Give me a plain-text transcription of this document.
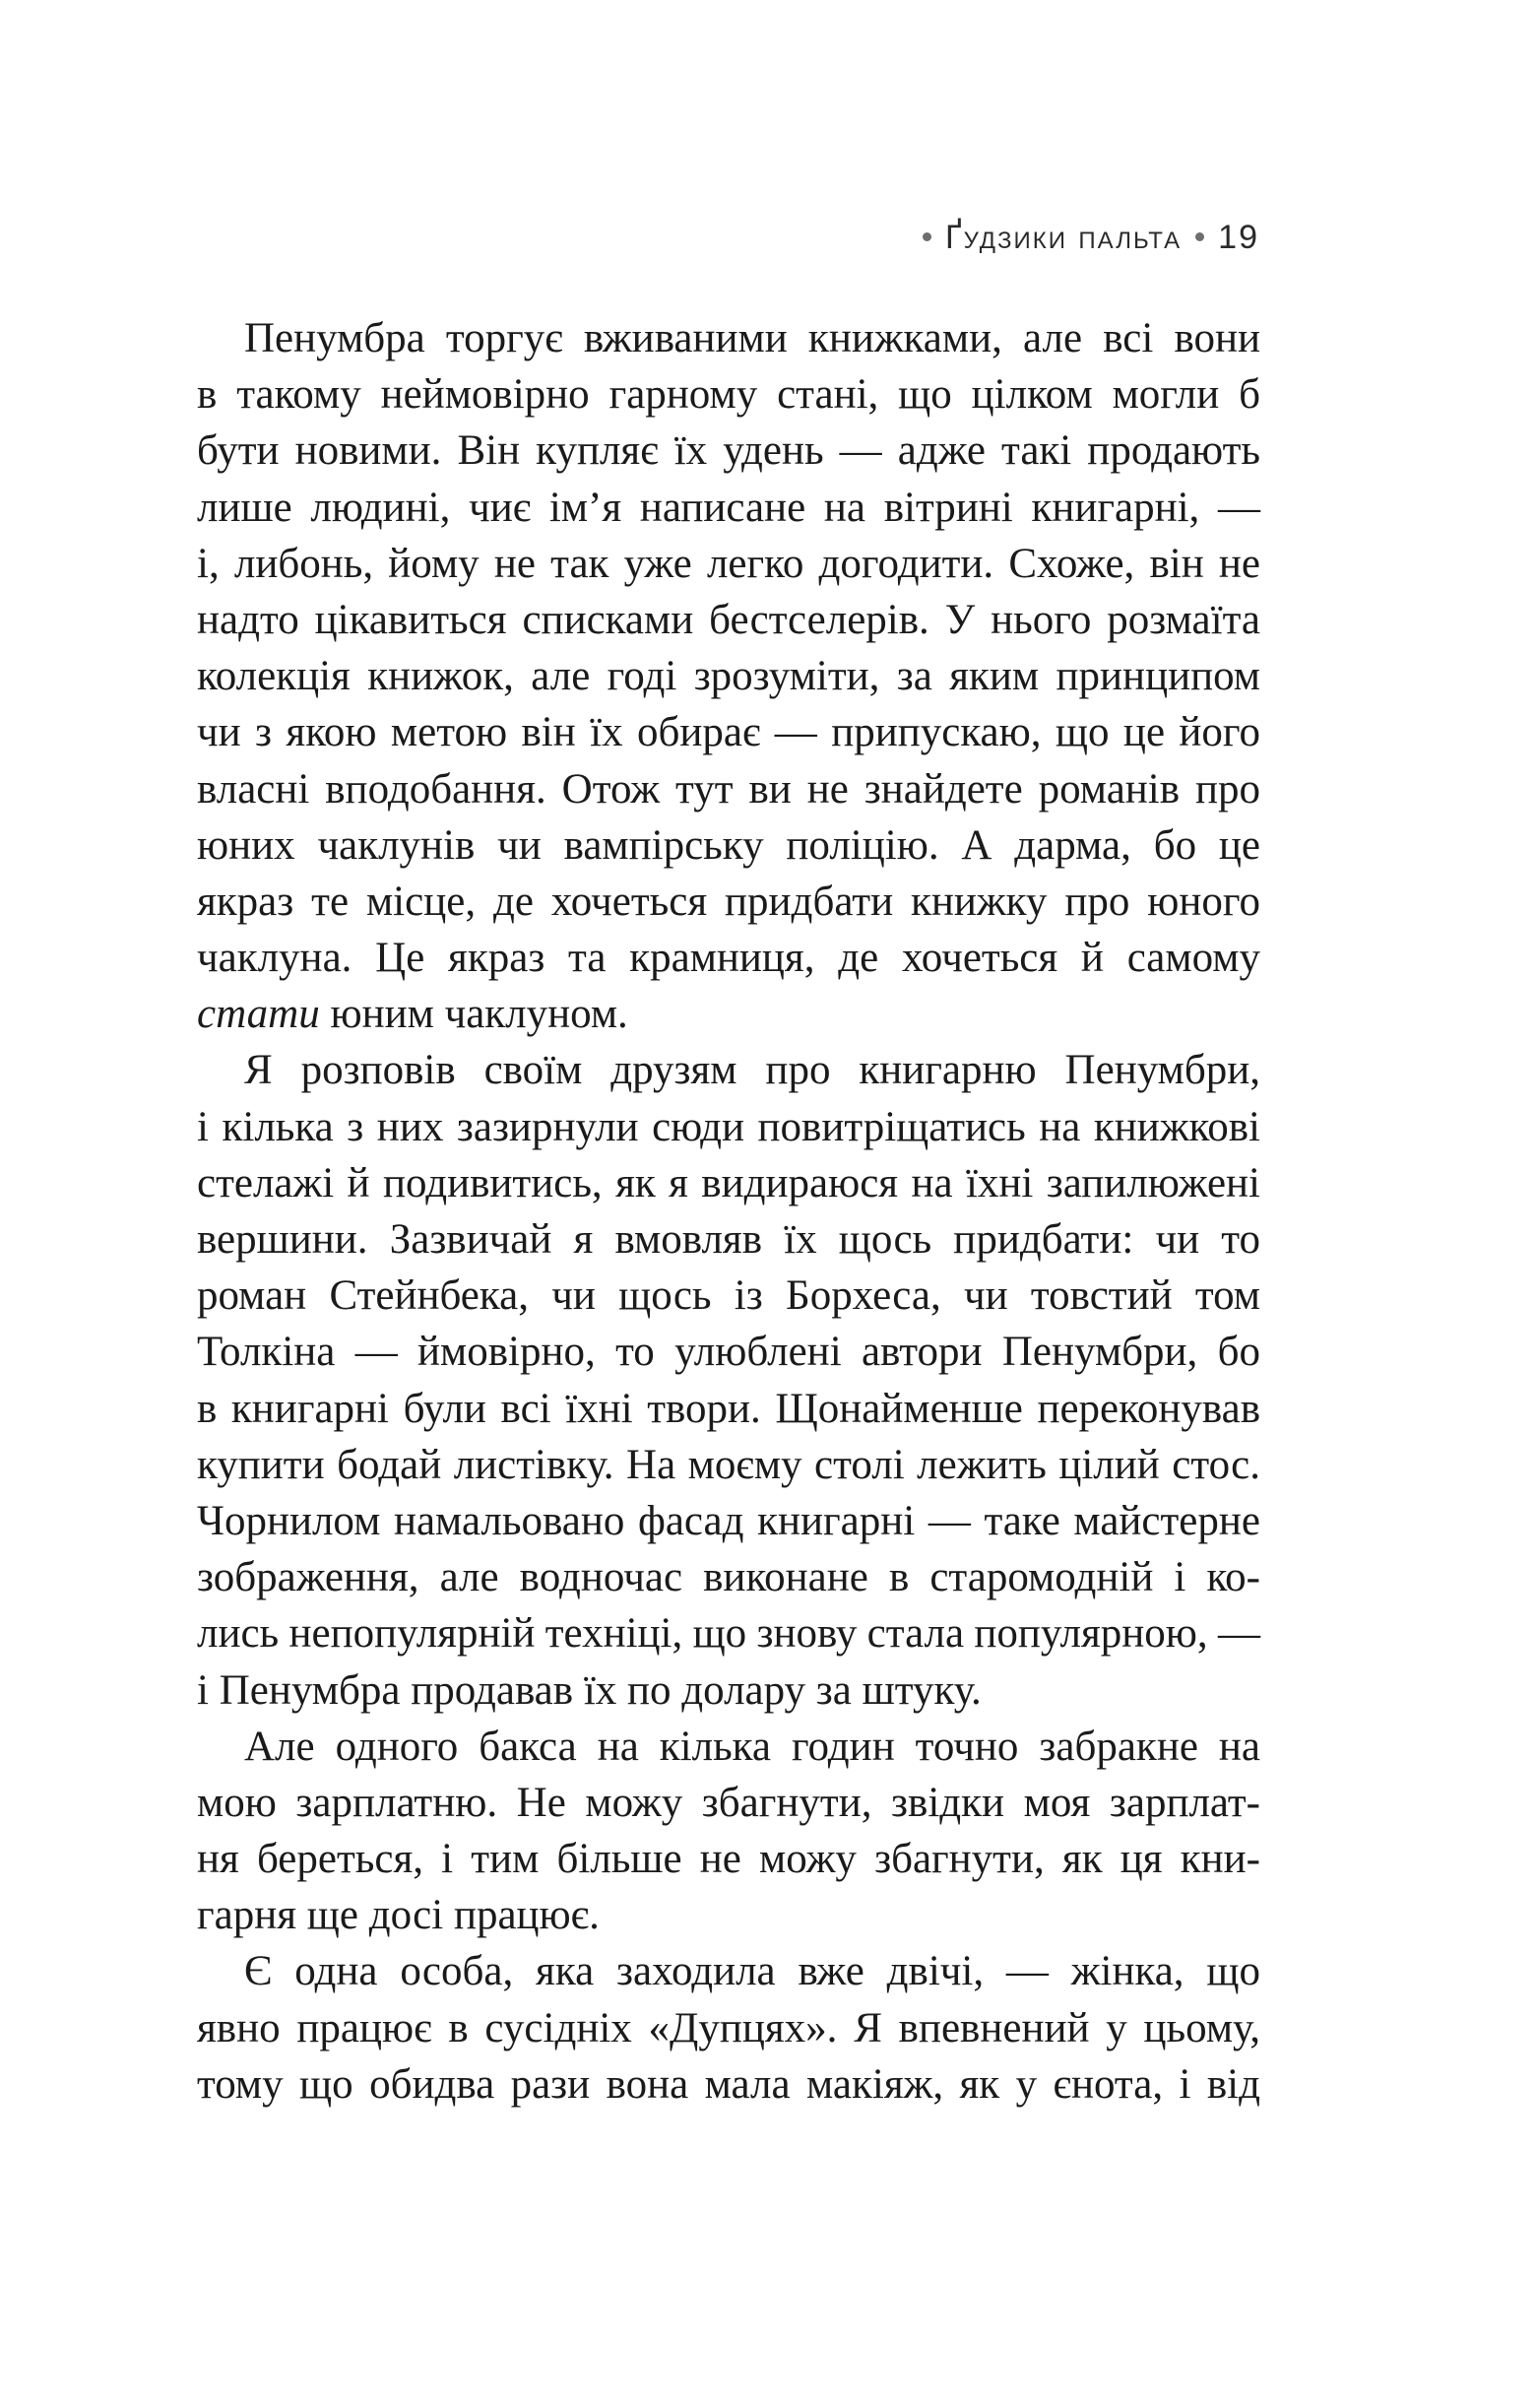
Ґудзики пальта 19
Пенумбра торгує вживаними книжками, але всі вони
в такому неймовірно гарному стані, що цілком могли б
бути новими. Він купляє їх удень — адже такі продають
лише людині, чиє ім’я написане на вітрині книгарні, —
і, либонь, йому не так уже легко догодити. Схоже, він не
надто цікавиться списками бестселерів. У нього розмаїта
колекція книжок, але годі зрозуміти, за яким принципом
чи з якою метою він їх обирає — припускаю, що це його
власні вподобання. Отож тут ви не знайдете романів про
юних чаклунів чи вампірську поліцію. А дарма, бо це
якраз те місце, де хочеться придбати книжку про юного
чаклуна. Це якраз та крамниця, де хочеться й самому
стати юним чаклуном.
Я розповів своїм друзям про книгарню Пенумбри,
і кілька з них зазирнули сюди повитріщатись на книжкові
стелажі й подивитись, як я видираюся на їхні запилюжені
вершини. Зазвичай я вмовляв їх щось придбати: чи то
роман Стейнбека, чи щось із Борхеса, чи товстий том
Толкіна — ймовірно, то улюблені автори Пенумбри, бо
в книгарні були всі їхні твори. Щонайменше переконував
купити бодай листівку. На моєму столі лежить цілий стос.
Чорнилом намальовано фасад книгарні — таке майстерне
зображення, але водночас виконане в старомодній і ко-
лись непопулярній техніці, що знову стала популярною, —
і Пенумбра продавав їх по долару за штуку.
Але одного бакса на кілька годин точно забракне на
мою зарплатню. Не можу збагнути, звідки моя зарплат-
ня береться, і тим більше не можу збагнути, як ця кни-
гарня ще досі працює.
Є одна особа, яка заходила вже двічі, — жінка, що
явно працює в сусідніх «Дупцях». Я впевнений у цьому,
тому що обидва рази вона мала макіяж, як у єнота, і від
